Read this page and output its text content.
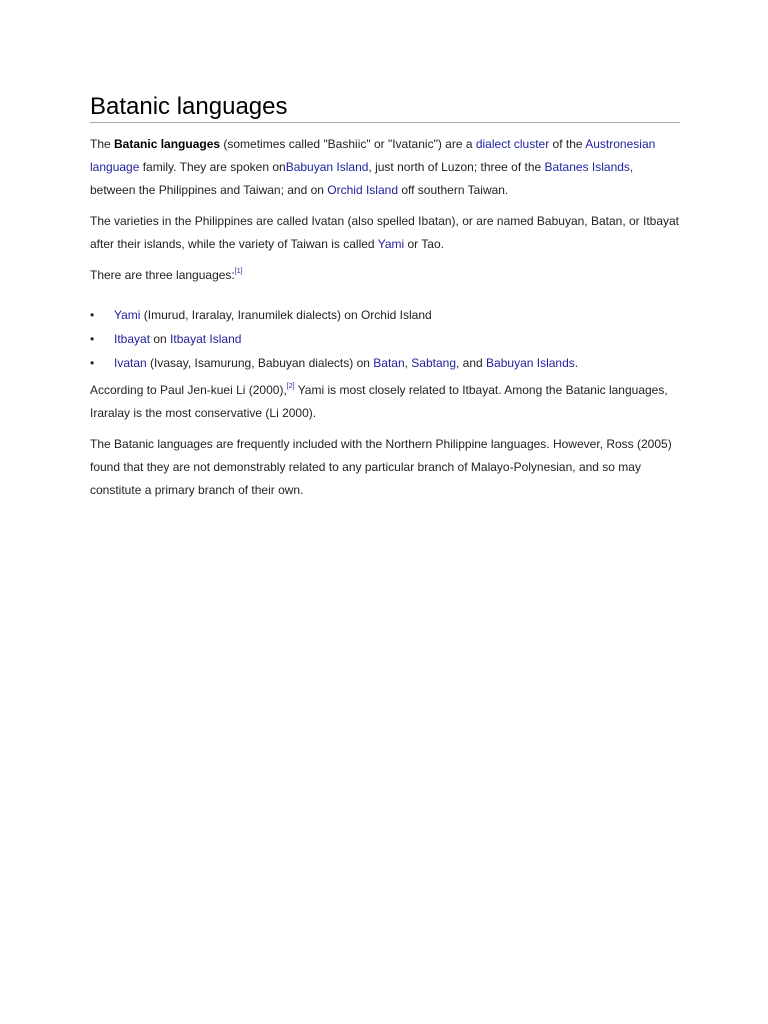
Batanic languages

The Batanic languages (sometimes called "Bashiic" or "Ivatanic") are a dialect cluster of the Austronesian language family. They are spoken onBabuyan Island, just north of Luzon; three of the Batanes Islands, between the Philippines and Taiwan; and on Orchid Island off southern Taiwan.

The varieties in the Philippines are called Ivatan (also spelled Ibatan), or are named Babuyan, Batan, or Itbayat after their islands, while the variety of Taiwan is called Yami or Tao.

There are three languages:[1]

• Yami (Imurud, Iraralay, Iranumilek dialects) on Orchid Island
• Itbayat on Itbayat Island
• Ivatan (Ivasay, Isamurung, Babuyan dialects) on Batan, Sabtang, and Babuyan Islands.

According to Paul Jen-kuei Li (2000),[2] Yami is most closely related to Itbayat. Among the Batanic languages, Iraralay is the most conservative (Li 2000).

The Batanic languages are frequently included with the Northern Philippine languages. However, Ross (2005) found that they are not demonstrably related to any particular branch of Malayo-Polynesian, and so may constitute a primary branch of their own.
